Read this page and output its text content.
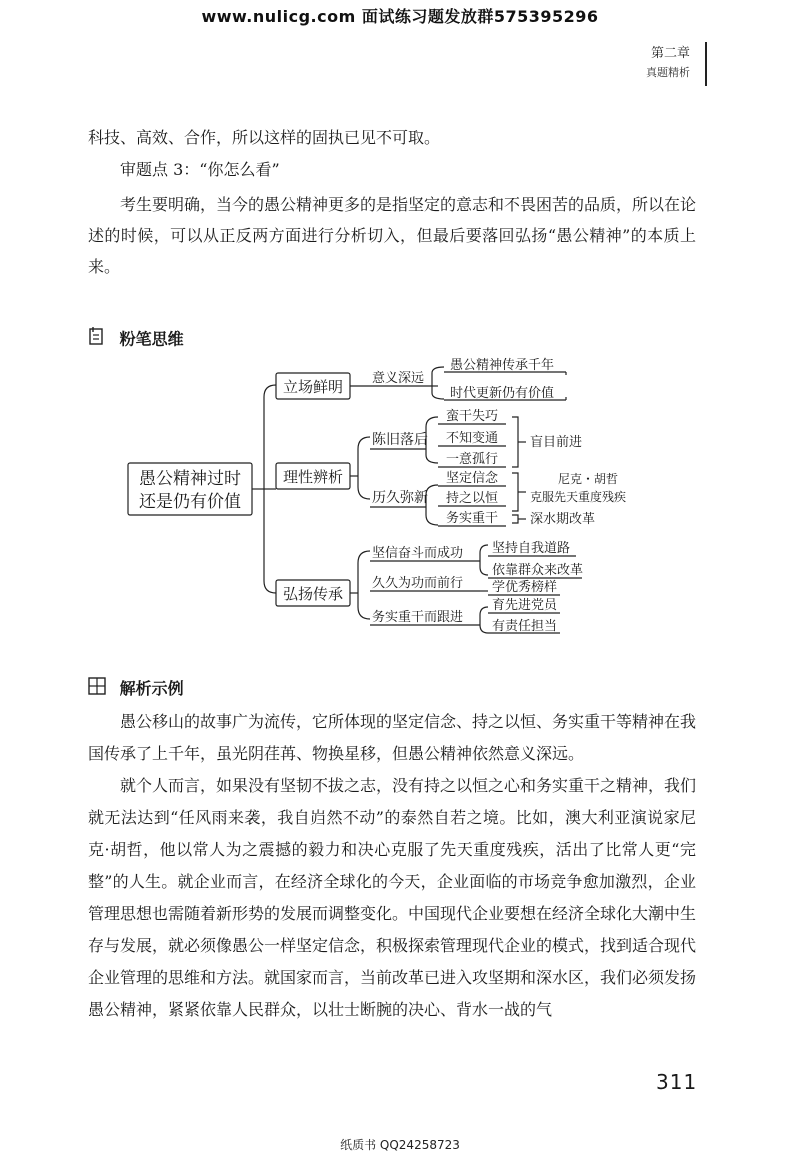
www.nulicg.com 面试练习题发放群575395296
第二章
真题精析
科技、高效、合作，所以这样的固执已见不可取。
审题点 3：“你怎么看”
考生要明确，当今的愚公精神更多的是指坚定的意志和不畏困苦的品质，所以在论述的时候，可以从正反两方面进行分析切入，但最后要落回弘扬“愚公精神”的本质上来。
粉笔思维
愚公精神过时
还是仍有价值
立场鲜明
理性辨析
弘扬传承
意义深远
愚公精神传承千年
时代更新仍有价值
陈旧落后
蛮干失巧
不知变通
一意孤行
盲目前进
历久弥新
坚定信念
持之以恒
务实重干
尼克・胡哲
克服先天重度残疾
深水期改革
坚信奋斗而成功 坚持自我道路
依靠群众来改革
久久为功而前行 学优秀榜样
务实重干而跟进
育先进党员
有责任担当
解析示例
愚公移山的故事广为流传，它所体现的坚定信念、持之以恒、务实重干等精神在我国传承了上千年，虽光阴荏苒、物换星移，但愚公精神依然意义深远。
就个人而言，如果没有坚韧不拔之志，没有持之以恒之心和务实重干之精神，我们就无法达到“任风雨来袭，我自岿然不动”的泰然自若之境。比如，澳大利亚演说家尼克·胡哲，他以常人为之震撼的毅力和决心克服了先天重度残疾，活出了比常人更“完整”的人生。就企业而言，在经济全球化的今天，企业面临的市场竞争愈加激烈，企业管理思想也需随着新形势的发展而调整变化。中国现代企业要想在经济全球化大潮中生存与发展，就必须像愚公一样坚定信念，积极探索管理现代企业的模式，找到适合现代企业管理的思维和方法。就国家而言，当前改革已进入攻坚期和深水区，我们必须发扬愚公精神，紧紧依靠人民群众，以壮士断腕的决心、背水一战的气
311
纸质书 QQ24258723
